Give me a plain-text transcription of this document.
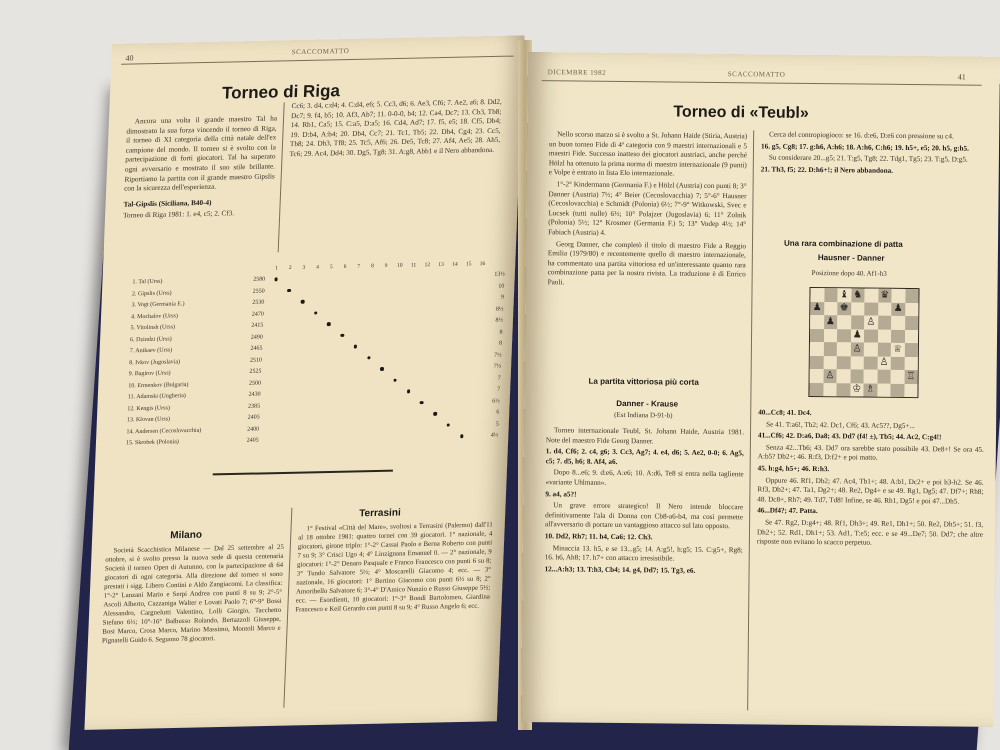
40
SCACCOMATTO
Torneo di Riga

Ancora una volta il grande maestro Tal ha dimostrato la sua forza vincendo il torneo di Riga, il torneo di XI categoria della città natale dell'ex campione del mondo. Il torneo si è svolto con la partecipazione di forti giocatori. Tal ha superato ogni avversario e mostrato il suo stile brillante. Riportiamo la partita con il grande maestro Gipslis con la sicurezza dell'esperienza.

Tal-Gipslis (Siciliana, B40-4)

Torneo di Riga 1981: 1. e4, c5; 2. Cf3.

Cc6; 3. d4, c:d4; 4. C:d4, e6; 5. Cc3, d6; 6. Ae3, Cf6; 7. Ae2, a6; 8. Dd2, Dc7; 9. f4, b5; 10. Af3, Ab7; 11. 0-0-0, b4; 12. Ca4, Dc7; 13. Cb3, Tb8; 14. Rb1, Ca5; 15. C:a5, D:a5; 16. Cd4, Ad7; 17. f5, e5; 18. Cf5, Db4; 19. D:b4, A:b4; 20. Db4, Cc7; 21. Tc1, Tb5; 22. Dh4, Cg4; 23. Cc5, Tb8; 24. Dh3, Tf8; 25. Tc5, Af6; 26. De5, Tc8; 27. Af4, Ae5; 28. Ah5, Tc6; 29. Ac4, Dd4; 30. Dg5, Tg8; 31. A:g8, Abb1 e il Nero abbandona.

		1	2	3	4	5	6	7	8	9	10	11	12	13	14	15	16	
1. Tal (Urss)	2580																	13½
2. Gipslis (Urss)	2550																	10
3. Vogt (Germania E.)	2530																	9
4. Mochalov (Urss)	2470																	8½
5. Vitolinsh (Urss)	2415																	8½
6. Dzindzi (Urss)	2490																	8
7. Anikaev (Urss)	2465																	8
8. Ivkov (Jugoslavia)	2510																	7½
9. Bagirov (Urss)	2525																	7½
10. Ermenkov (Bulgaria)	2500																	7
11. Adamski (Ungheria)	2430																	7
12. Kengis (Urss)	2385																	6½
13. Klovan (Urss)	2405																	6
14. Andersen (Cecoslovacchia)	2400																	5
15. Skrobek (Polonia)	2405																	4½
Milano

Società Scacchistica Milanese — Dal 25 settembre al 25 ottobre, si è svolto presso la nuova sede di questa centenaria Società il torneo Open di Autunno, con la partecipazione di 64 giocatori di ogni categoria. Alla direzione del torneo si sono prestati i sigg. Libero Contini e Aldo Zangiacomi. La classifica: 1°-2° Lanzani Mario e Serpi Andrea con punti 8 su 9; 2°-5° Ascoli Alberto, Cazzaniga Walter e Lovati Paolo 7; 6°-9° Bossi Alessandro, Cargnelutti Valentino, Lolli Giorgio, Tacchetto Stefano 6½; 10°-16° Balbusso Rolando, Bertazzoli Giuseppe, Bosi Marco, Crosa Marco, Marino Massimo, Montoli Marco e Pignatelli Guido 6. Seguono 78 giocatori.

Terrasini

1° Festival «Città del Mare», svoltosi a Terrasini (Palermo) dall'11 al 18 ottobre 1981: quattro tornei con 39 giocatori. 1° nazionale, 4 giocatori, girone triplo: 1°-2° Cassai Paolo e Berna Roberto con punti 7 su 9; 3° Crisci Ugo 4; 4° Linzignana Emanuel 0. — 2° nazionale, 9 giocatori: 1°-2° Denaro Pasquale e Franco Francesco con punti 6 su 8; 3° Tundo Salvatore 5½; 4° Moscarelli Giacomo 4; ecc. — 3° nazionale, 16 giocatori: 1° Bertino Giacomo con punti 6½ su 8; 2° Amoribello Salvatore 6; 3°-4° D'Amico Nunzio e Russo Giuseppe 5½; ecc. — Esordienti, 10 giocatori: 1°-3° Bondì Bartolomeo, Giardina Francesco e Keil Gerardo con punti 8 su 9; 4° Russo Angelo 6; ecc.

DICEMBRE 1982	SCACCOMATTO	41
Torneo di «Teubl»

Nello scorso marzo si è svolto a St. Johann Haide (Stiria, Austria) un buon torneo Fide di 4ª categoria con 9 maestri internazionali e 5 maestri Fide. Successo inatteso dei giocatori austriaci, anche perché Hölzl ha ottenuto la prima norma di maestro internazionale (9 punti) e Volpe è entrato in lista Elo internazionale.

1°-2° Kindermann (Germania F.) e Hölzl (Austria) con punti 8; 3° Danner (Austria) 7½; 4° Beier (Cecoslovacchia) 7; 5°-6° Hausner (Cecoslovacchia) e Schmidt (Polonia) 6½; 7°-9° Witkowski, Svec e Lucsek (tutti nulle) 6½; 10° Polajzer (Jugoslavia) 6; 11° Zolnik (Polonia) 5½; 12° Krosmer (Germania F.) 5; 13° Vodep 4½; 14° Fabiach (Austria) 4.

Georg Danner, che completò il titolo di maestro Fide a Reggio Emilia (1979/80) e recentemente quello di maestro internazionale, ha commentato una partita vittoriosa ed un'interessante quanto rara combinazione patta per la nostra rivista. La traduzione è di Enrico Paoli.

La partita vittoriosa più corta
Danner - Krause
(Est Indiana D-91-b)

Torneo internazionale Teubl, St. Johann Haide, Austria 1981. Note del maestro Fide Georg Danner.

1. d4, Cf6; 2. c4, g6; 3. Cc3, Ag7; 4. e4, d6; 5. Ae2, 0-0; 6. Ag5, c5; 7. d5, h6; 8. Af4, a6.

Dopo 8...e6; 9. d:e6, A:e6; 10. A:d6, Te8 si entra nella tagliente «variante Uhlmann».

9. a4, a5?!

Un grave errore strategico! Il Nero intende bloccare definitivamente l'ala di Donna con Cb8-a6-b4, ma così permette all'avversario di portare un vantaggioso attacco sul lato opposto.

10. Dd2, Rh7; 11. h4, Ca6; 12. Ch3.

Minaccia 13. h5, e se 13...g5; 14. A:g5!, h:g5; 15. C:g5+, Rg8; 16. h6, Ah8; 17. h7+ con attacco irresistibile.

12...A:h3; 13. T:h3, Cb4; 14. g4, Dd7; 15. Tg3, e6.

Cerca del contropiogioco: se 16. d:e6, D:e6 con pressione su c4.

16. g5, Cg8; 17. g:h6, A:h6; 18. A:h6, C:h6; 19. h5+, e5; 20. h5, g:h5.

Su considerare 20...g5; 21. T:g5, Tg8; 22. Tdg1, Tg5; 23. T:g5, D:g5.

21. Th3, f5; 22. D:h6+!; il Nero abbandona.

Una rara combinazione di patta
Hausner - Danner
Posizione dopo 40. Af1-h3
♝ ♞ ♛
♟ ♚	♟
♟	♙
♟
♙	♕
♙
♙	♖
♔ ♗

40...Cc8; 41. Dc4.

Se 41. T:a6!, Tb2; 42. Dc1, Cf6; 43. Ac5??, Dg5+...

41...Cf6; 42. D:a6, Da8; 43. Dd7 (f4! ±), Tb5; 44. Ac2, C:g4!!

Senza 42...Tb6; 43. Dd7 ora sarebbe stato possibile 43. De8+! Se ora 45. A:b5? Db2+; 46. R:f3, D:f2+ e poi matto.

45. h:g4, h5+; 46. R:h3.

Oppure 46. Rf1, Db2; 47. Ac4, Tb1+; 48. A:b1, Dc2+ e poi h3-h2. Se 46. Rf3, Db2+; 47. Ta1, Dg2+; 48. Re2, Dg4+ e se 49. Rg1, Dg5; 47. Df7+; Rh8; 48. Dc8+, Rh7; 49. Td7, Td8! Infine, se 46. Rh1, Dg5! e poi 47...Dh5.

46...Df4?; 47. Patta.

Se 47. Rg2, D:g4+; 48. Rf1, Dh3+; 49. Re1, Dh1+; 50. Re2, Dh5+; 51. f3, Dh2+; 52. Rd1, Dh1+; 53. Ad1, T:e5; ecc. e se 49...De7; 50. Dd7; che altre risposte non evitano lo scacco perpetuo.
